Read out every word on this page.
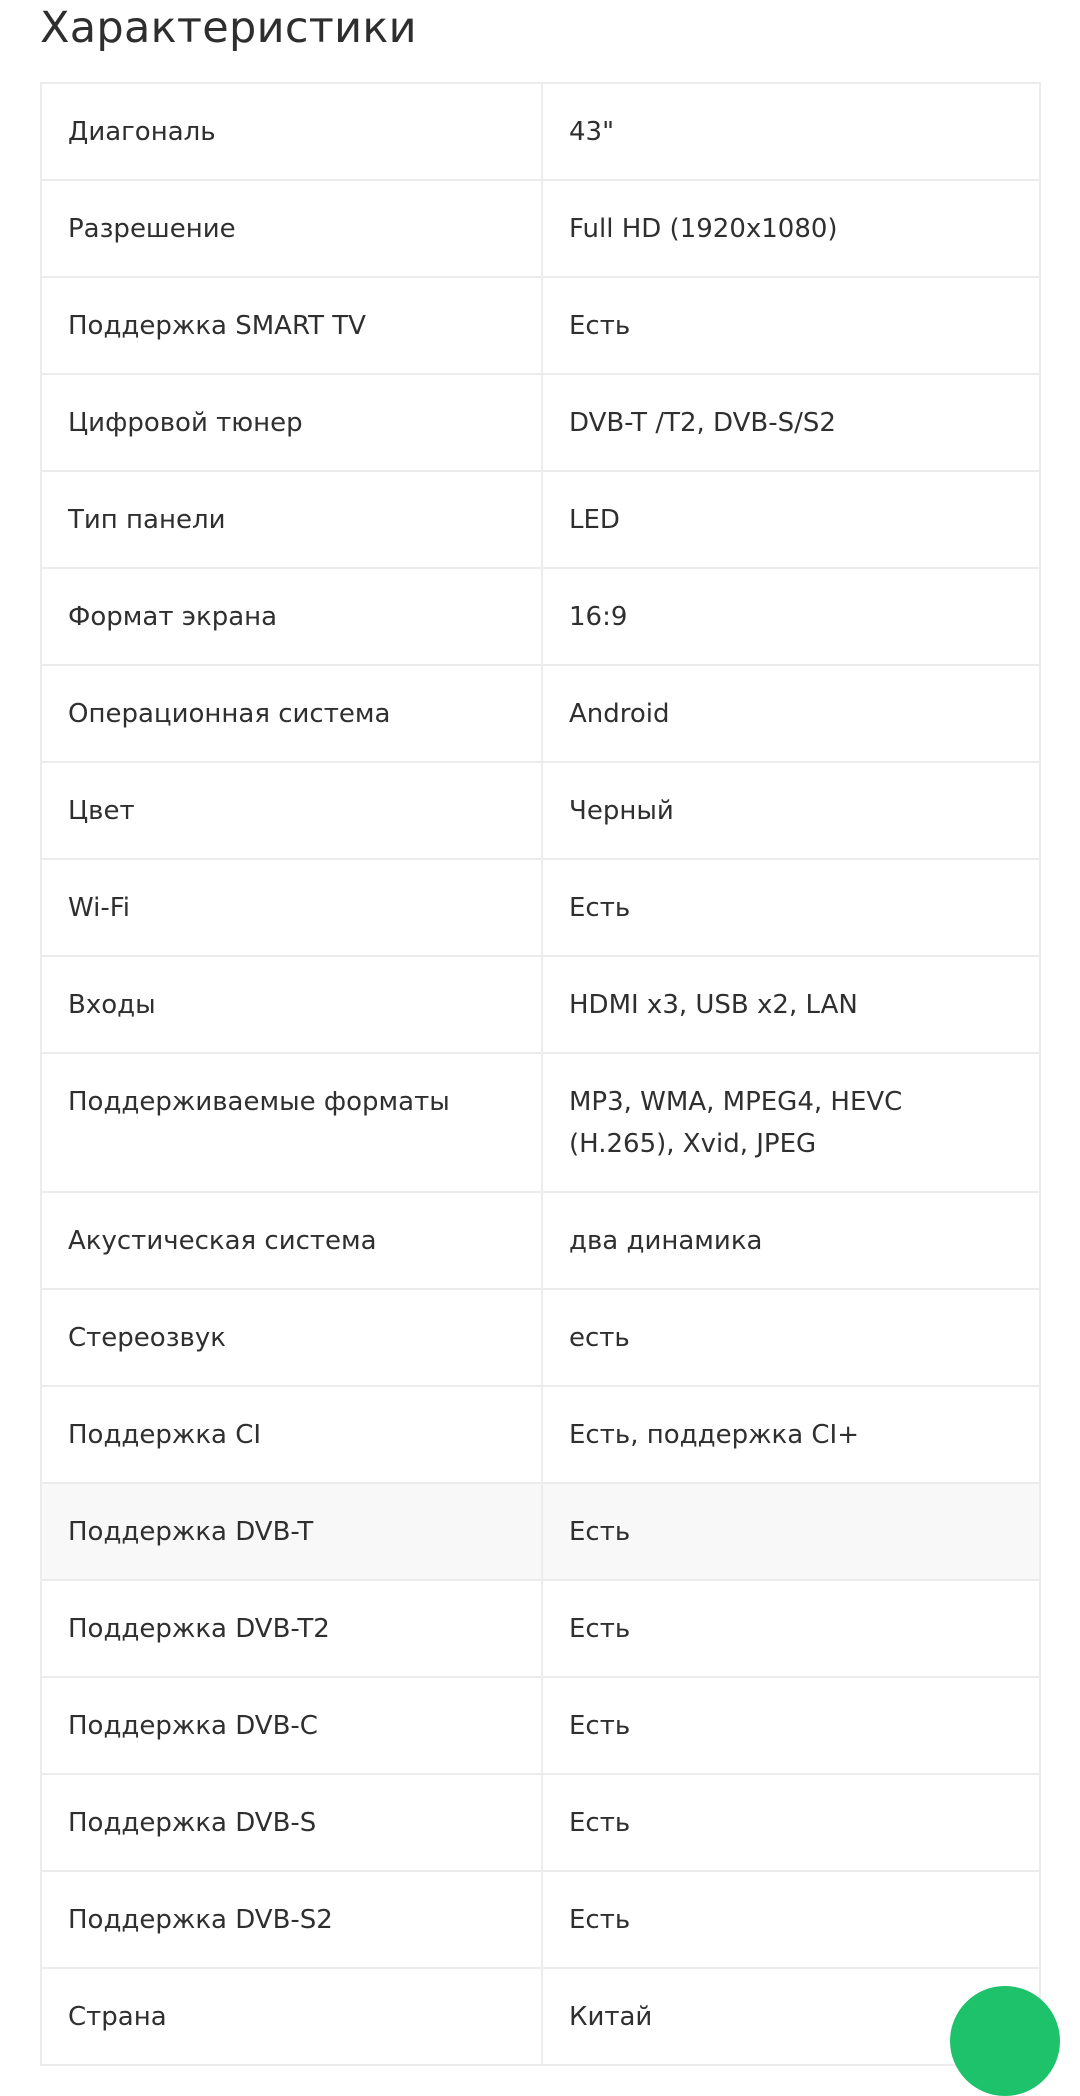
Характеристики
Диагональ	43"
Разрешение	Full HD (1920x1080)
Поддержка SMART TV	Есть
Цифровой тюнер	DVB-T /T2, DVB-S/S2
Тип панели	LED
Формат экрана	16:9
Операционная система	Android
Цвет	Черный
Wi-Fi	Есть
Входы	HDMI x3, USB x2, LAN
Поддерживаемые форматы	MP3, WMA, MPEG4, HEVC (H.265), Xvid, JPEG
Акустическая система	два динамика
Стереозвук	есть
Поддержка CI	Есть, поддержка CI+
Поддержка DVB-T	Есть
Поддержка DVB-T2	Есть
Поддержка DVB-C	Есть
Поддержка DVB-S	Есть
Поддержка DVB-S2	Есть
Страна	Китай
